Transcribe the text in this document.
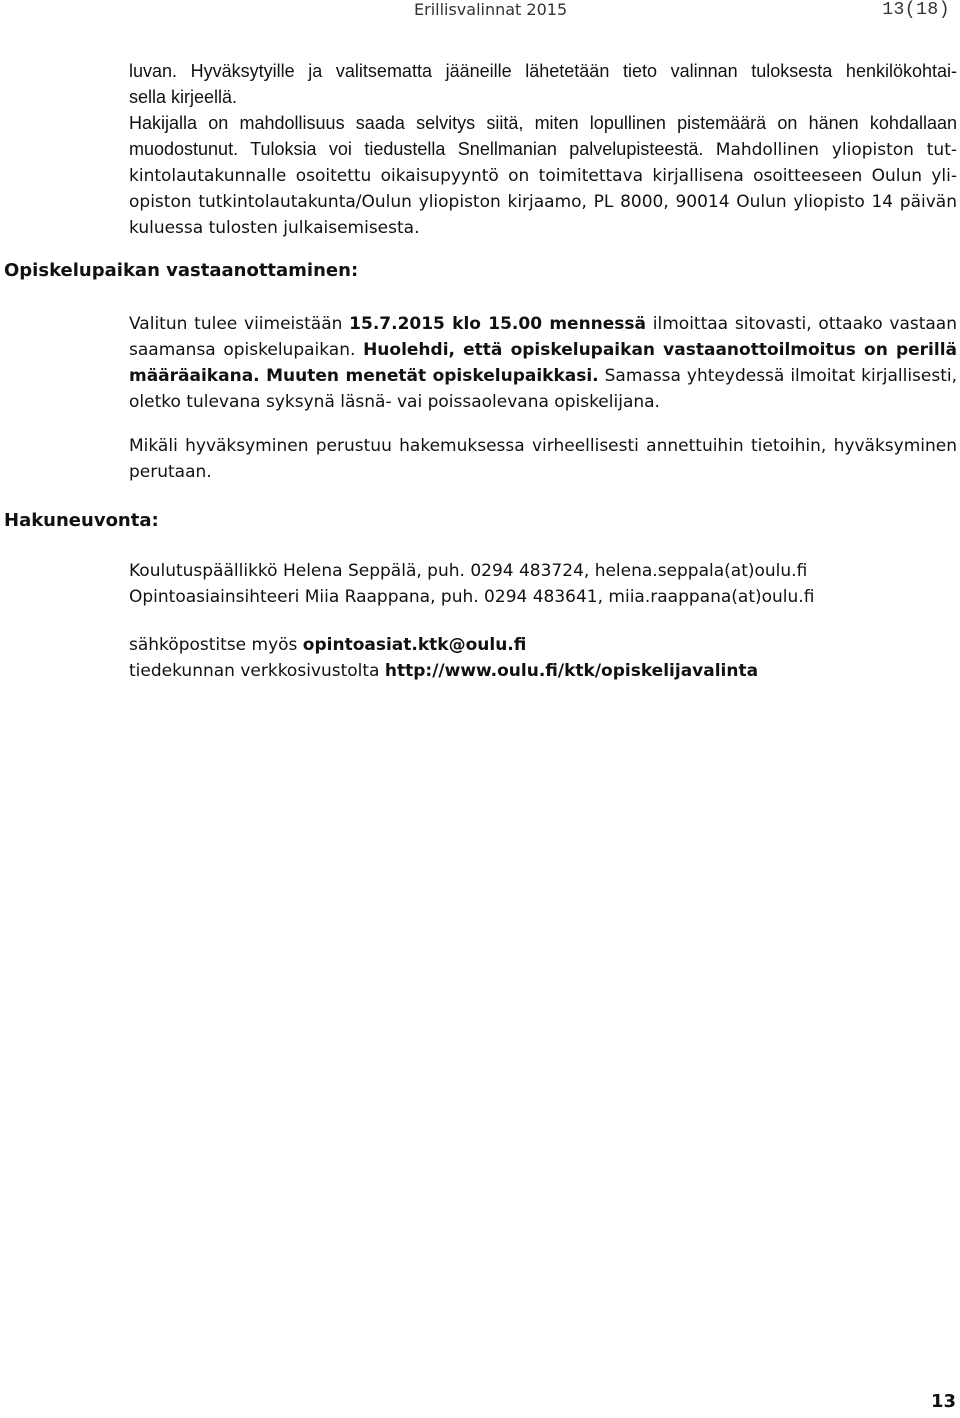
Erillisvalinnat 2015	13(18)
luvan. Hyväksytyille ja valitsematta jääneille lähetetään tieto valinnan tuloksesta henkilökohtai-
sella kirjeellä.
Hakijalla on mahdollisuus saada selvitys siitä, miten lopullinen pistemäärä on hänen kohdallaan
muodostunut. Tuloksia voi tiedustella Snellmanian palvelupisteestä. Mahdollinen yliopiston tut-
kintolautakunnalle osoitettu oikaisupyyntö on toimitettava kirjallisena osoitteeseen Oulun yli-
opiston tutkintolautakunta/Oulun yliopiston kirjaamo, PL 8000, 90014 Oulun yliopisto 14 päivän
kuluessa tulosten julkaisemisesta.
Opiskelupaikan vastaanottaminen:

Valitun tulee viimeistään 15.7.2015 klo 15.00 mennessä ilmoittaa sitovasti, ottaako vastaan saamansa opiskelupaikan. Huolehdi, että opiskelupaikan vastaanottoilmoitus on perillä määräaikana. Muuten menetät opiskelupaikkasi. Samassa yhteydessä ilmoitat kirjallisesti, oletko tulevana syksynä läsnä- vai poissaolevana opiskelijana.

Mikäli hyväksyminen perustuu hakemuksessa virheellisesti annettuihin tietoihin, hyväksyminen perutaan.

Hakuneuvonta:
Koulutuspäällikkö Helena Seppälä, puh. 0294 483724, helena.seppala(at)oulu.fi
Opintoasiainsihteeri Miia Raappana, puh. 0294 483641, miia.raappana(at)oulu.fi
sähköpostitse myös opintoasiat.ktk@oulu.fi
tiedekunnan verkkosivustolta http://www.oulu.fi/ktk/opiskelijavalinta
13
